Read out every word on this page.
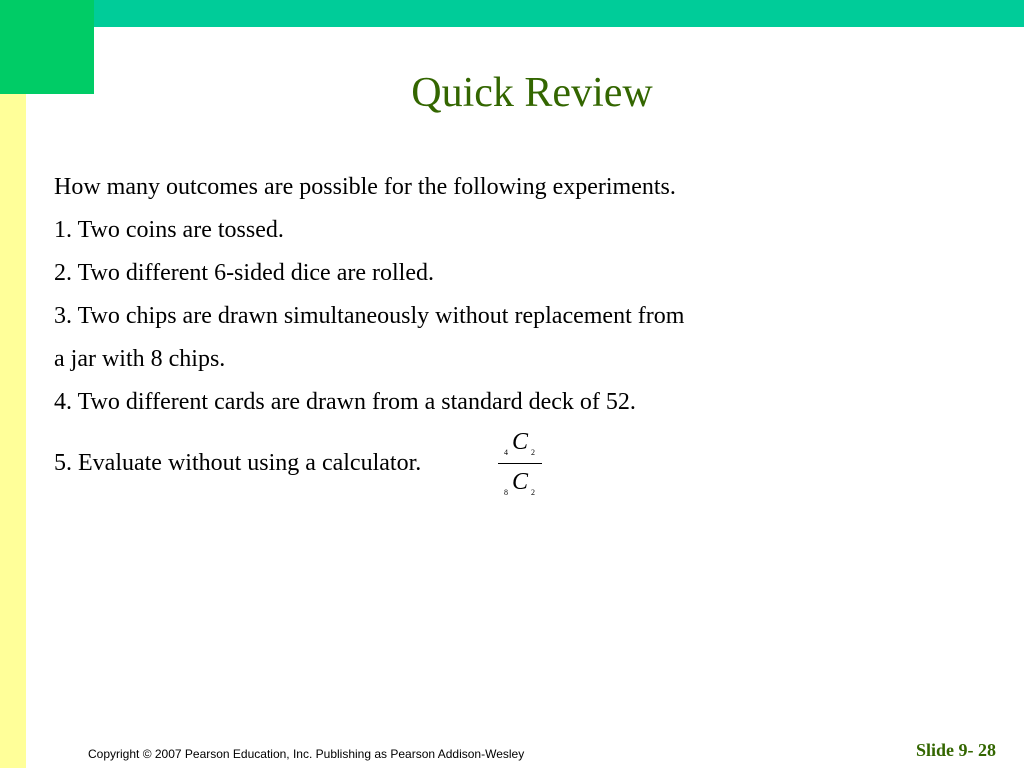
Quick Review
How many outcomes are possible for the following experiments.
1. Two coins are tossed.
2. Two different 6-sided dice are rolled.
3. Two chips are drawn simultaneously without replacement from
a jar with 8 chips.
4. Two different cards are drawn from a standard deck of 52.
5. Evaluate without using a calculator.	4 C 2
8 C 2
Copyright © 2007 Pearson Education, Inc. Publishing as Pearson Addison-Wesley	Slide 9- 28
